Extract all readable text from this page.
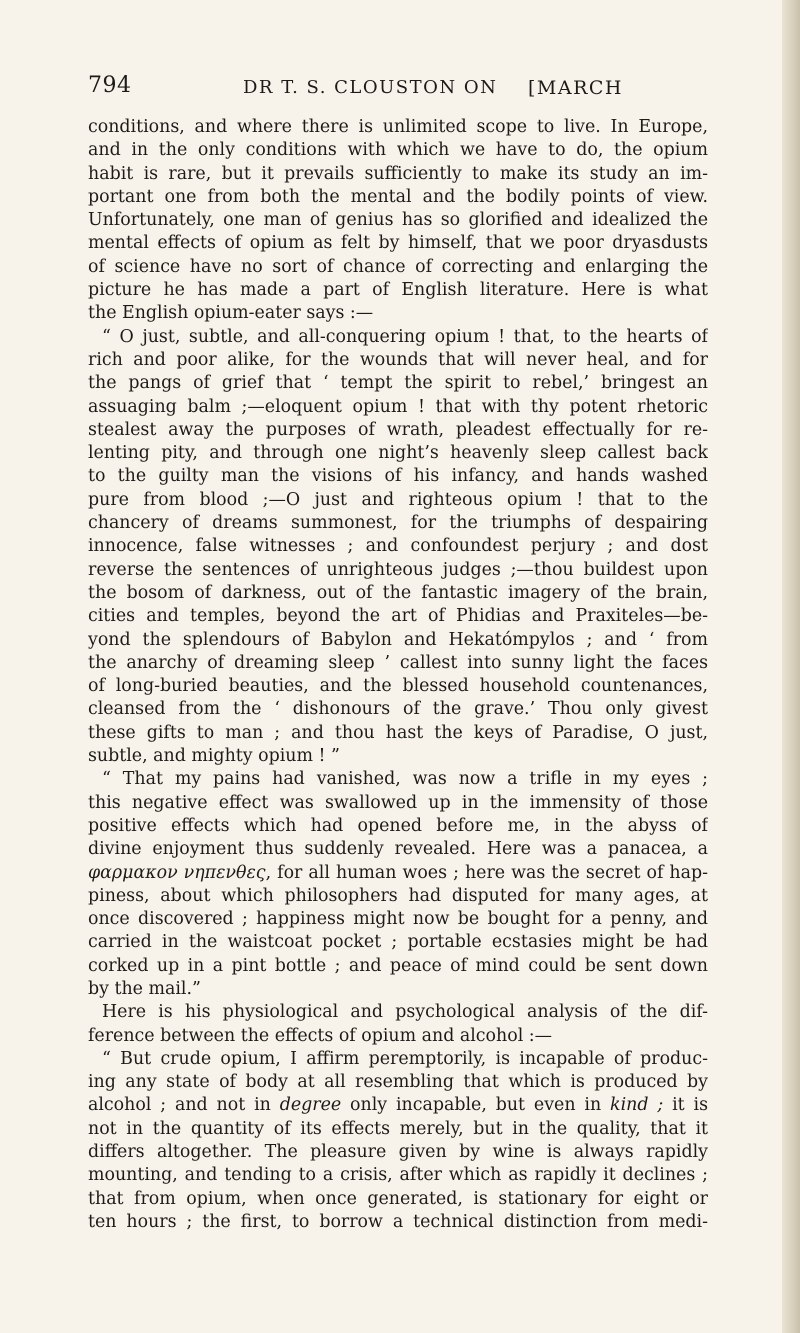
794	DR T. S. CLOUSTON ON [MARCH
conditions, and where there is unlimited scope to live. In Europe,
and in the only conditions with which we have to do, the opium
habit is rare, but it prevails sufficiently to make its study an im-
portant one from both the mental and the bodily points of view.
Unfortunately, one man of genius has so glorified and idealized the
mental effects of opium as felt by himself, that we poor dryasdusts
of science have no sort of chance of correcting and enlarging the
picture he has made a part of English literature. Here is what
the English opium-eater says :—
“ O just, subtle, and all-conquering opium ! that, to the hearts of
rich and poor alike, for the wounds that will never heal, and for
the pangs of grief that ‘ tempt the spirit to rebel,’ bringest an
assuaging balm ;—eloquent opium ! that with thy potent rhetoric
stealest away the purposes of wrath, pleadest effectually for re-
lenting pity, and through one night’s heavenly sleep callest back
to the guilty man the visions of his infancy, and hands washed
pure from blood ;—O just and righteous opium ! that to the
chancery of dreams summonest, for the triumphs of despairing
innocence, false witnesses ; and confoundest perjury ; and dost
reverse the sentences of unrighteous judges ;—thou buildest upon
the bosom of darkness, out of the fantastic imagery of the brain,
cities and temples, beyond the art of Phidias and Praxiteles—be-
yond the splendours of Babylon and Hekatómpylos ; and ‘ from
the anarchy of dreaming sleep ’ callest into sunny light the faces
of long-buried beauties, and the blessed household countenances,
cleansed from the ‘ dishonours of the grave.’ Thou only givest
these gifts to man ; and thou hast the keys of Paradise, O just,
subtle, and mighty opium ! ”
“ That my pains had vanished, was now a trifle in my eyes ;
this negative effect was swallowed up in the immensity of those
positive effects which had opened before me, in the abyss of
divine enjoyment thus suddenly revealed. Here was a panacea, a
φαρμακον νηπενθες, for all human woes ; here was the secret of hap-
piness, about which philosophers had disputed for many ages, at
once discovered ; happiness might now be bought for a penny, and
carried in the waistcoat pocket ; portable ecstasies might be had
corked up in a pint bottle ; and peace of mind could be sent down
by the mail.”
Here is his physiological and psychological analysis of the dif-
ference between the effects of opium and alcohol :—
“ But crude opium, I affirm peremptorily, is incapable of produc-
ing any state of body at all resembling that which is produced by
alcohol ; and not in degree only incapable, but even in kind ; it is
not in the quantity of its effects merely, but in the quality, that it
differs altogether. The pleasure given by wine is always rapidly
mounting, and tending to a crisis, after which as rapidly it declines ;
that from opium, when once generated, is stationary for eight or
ten hours ; the first, to borrow a technical distinction from medi-
